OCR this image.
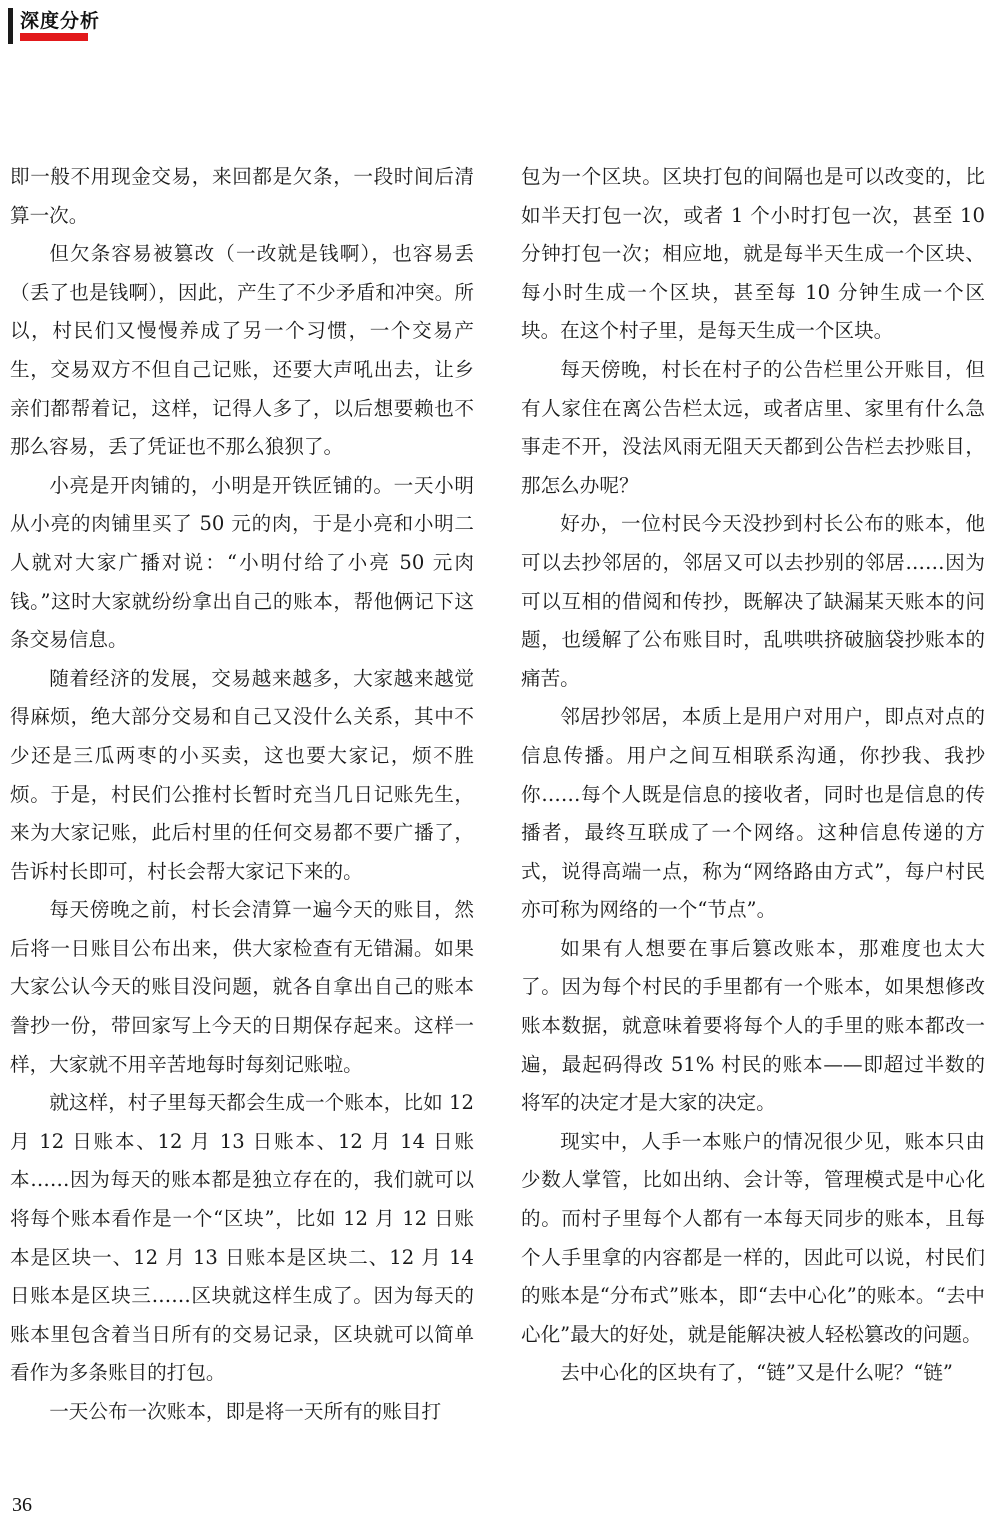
深度分析

即一般不用现金交易，来回都是欠条，一段时间后清算一次。

但欠条容易被篡改（一改就是钱啊），也容易丢（丢了也是钱啊），因此，产生了不少矛盾和冲突。所以，村民们又慢慢养成了另一个习惯，一个交易产生，交易双方不但自己记账，还要大声吼出去，让乡亲们都帮着记，这样，记得人多了，以后想要赖也不那么容易，丢了凭证也不那么狼狈了。

小亮是开肉铺的，小明是开铁匠铺的。一天小明从小亮的肉铺里买了 50 元的肉，于是小亮和小明二人就对大家广播对说：“小明付给了小亮 50 元肉钱。”这时大家就纷纷拿出自己的账本，帮他俩记下这条交易信息。

随着经济的发展，交易越来越多，大家越来越觉得麻烦，绝大部分交易和自己又没什么关系，其中不少还是三瓜两枣的小买卖，这也要大家记，烦不胜烦。于是，村民们公推村长暂时充当几日记账先生，来为大家记账，此后村里的任何交易都不要广播了，告诉村长即可，村长会帮大家记下来的。

每天傍晚之前，村长会清算一遍今天的账目，然后将一日账目公布出来，供大家检查有无错漏。如果大家公认今天的账目没问题，就各自拿出自己的账本誊抄一份，带回家写上今天的日期保存起来。这样一样，大家就不用辛苦地每时每刻记账啦。

就这样，村子里每天都会生成一个账本，比如 12 月 12 日账本、12 月 13 日账本、12 月 14 日账本……因为每天的账本都是独立存在的，我们就可以将每个账本看作是一个“区块”，比如 12 月 12 日账本是区块一、12 月 13 日账本是区块二、12 月 14 日账本是区块三……区块就这样生成了。因为每天的账本里包含着当日所有的交易记录，区块就可以简单看作为多条账目的打包。

一天公布一次账本，即是将一天所有的账目打

包为一个区块。区块打包的间隔也是可以改变的，比如半天打包一次，或者 1 个小时打包一次，甚至 10 分钟打包一次；相应地，就是每半天生成一个区块、每小时生成一个区块，甚至每 10 分钟生成一个区块。在这个村子里，是每天生成一个区块。

每天傍晚，村长在村子的公告栏里公开账目，但有人家住在离公告栏太远，或者店里、家里有什么急事走不开，没法风雨无阻天天都到公告栏去抄账目，那怎么办呢？

好办，一位村民今天没抄到村长公布的账本，他可以去抄邻居的，邻居又可以去抄别的邻居……因为可以互相的借阅和传抄，既解决了缺漏某天账本的问题，也缓解了公布账目时，乱哄哄挤破脑袋抄账本的痛苦。

邻居抄邻居，本质上是用户对用户，即点对点的信息传播。用户之间互相联系沟通，你抄我、我抄你……每个人既是信息的接收者，同时也是信息的传播者，最终互联成了一个网络。这种信息传递的方式，说得高端一点，称为“网络路由方式”，每户村民亦可称为网络的一个“节点”。

如果有人想要在事后篡改账本，那难度也太大了。因为每个村民的手里都有一个账本，如果想修改账本数据，就意味着要将每个人的手里的账本都改一遍，最起码得改 51% 村民的账本——即超过半数的将军的决定才是大家的决定。

现实中，人手一本账户的情况很少见，账本只由少数人掌管，比如出纳、会计等，管理模式是中心化的。而村子里每个人都有一本每天同步的账本，且每个人手里拿的内容都是一样的，因此可以说，村民们的账本是“分布式”账本，即“去中心化”的账本。“去中心化”最大的好处，就是能解决被人轻松篡改的问题。

去中心化的区块有了，“链”又是什么呢？“链”

36
